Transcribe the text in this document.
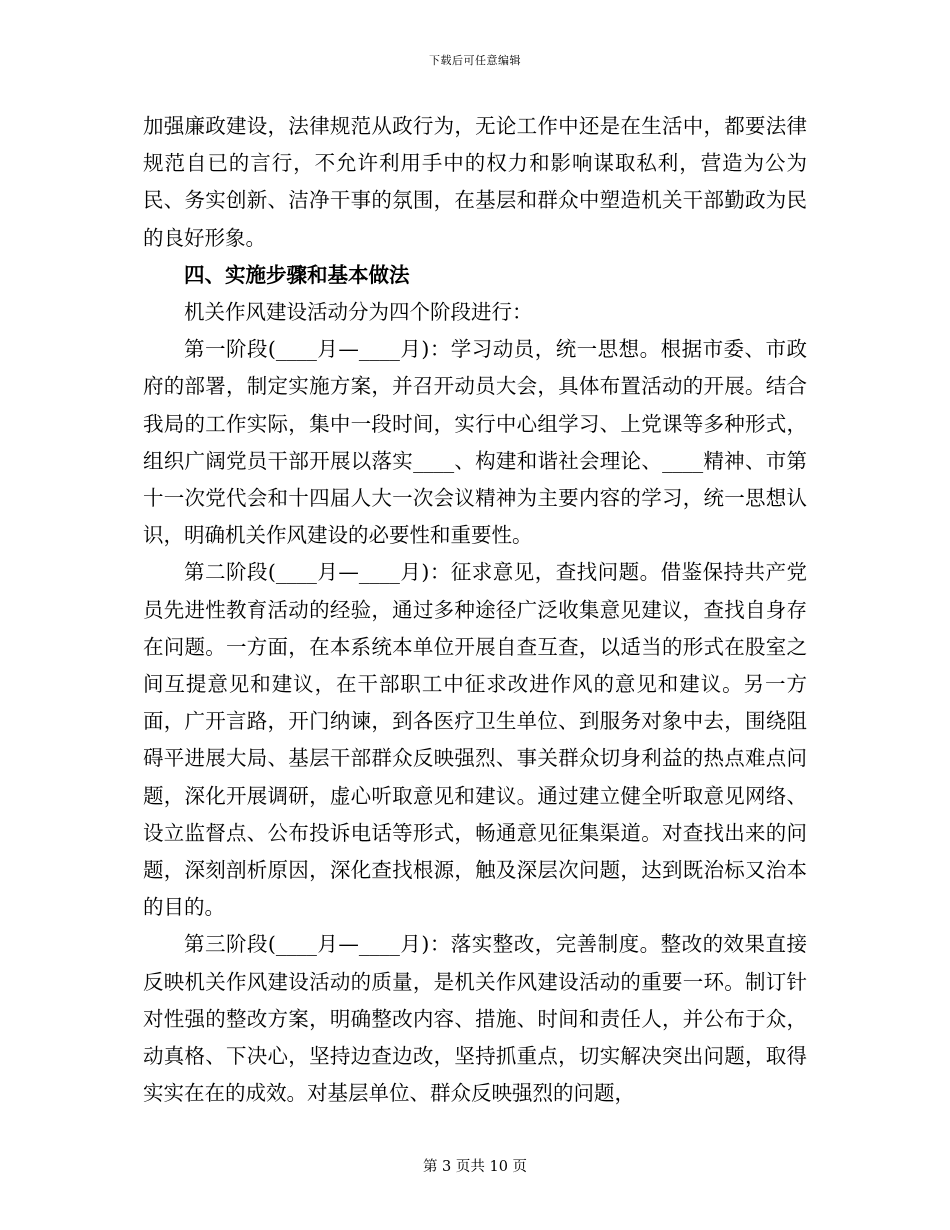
下载后可任意编辑

加强廉政建设，法律规范从政行为，无论工作中还是在生活中，都要法律规范自已的言行，不允许利用手中的权力和影响谋取私利，营造为公为民、务实创新、洁净干事的氛围，在基层和群众中塑造机关干部勤政为民的良好形象。

四、实施步骤和基本做法

机关作风建设活动分为四个阶段进行：

第一阶段(____月—____月)：学习动员，统一思想。根据市委、市政府的部署，制定实施方案，并召开动员大会，具体布置活动的开展。结合我局的工作实际，集中一段时间，实行中心组学习、上党课等多种形式，组织广阔党员干部开展以落实____、构建和谐社会理论、____精神、市第十一次党代会和十四届人大一次会议精神为主要内容的学习，统一思想认识，明确机关作风建设的必要性和重要性。

第二阶段(____月—____月)：征求意见，查找问题。借鉴保持共产党员先进性教育活动的经验，通过多种途径广泛收集意见建议，查找自身存在问题。一方面，在本系统本单位开展自查互查，以适当的形式在股室之间互提意见和建议，在干部职工中征求改进作风的意见和建议。另一方面，广开言路，开门纳谏，到各医疗卫生单位、到服务对象中去，围绕阻碍平进展大局、基层干部群众反映强烈、事关群众切身利益的热点难点问题，深化开展调研，虚心听取意见和建议。通过建立健全听取意见网络、设立监督点、公布投诉电话等形式，畅通意见征集渠道。对查找出来的问题，深刻剖析原因，深化查找根源，触及深层次问题，达到既治标又治本的目的。

第三阶段(____月—____月)：落实整改，完善制度。整改的效果直接反映机关作风建设活动的质量，是机关作风建设活动的重要一环。制订针对性强的整改方案，明确整改内容、措施、时间和责任人，并公布于众，动真格、下决心，坚持边查边改，坚持抓重点，切实解决突出问题，取得实实在在的成效。对基层单位、群众反映强烈的问题，

第 3 页共 10 页
